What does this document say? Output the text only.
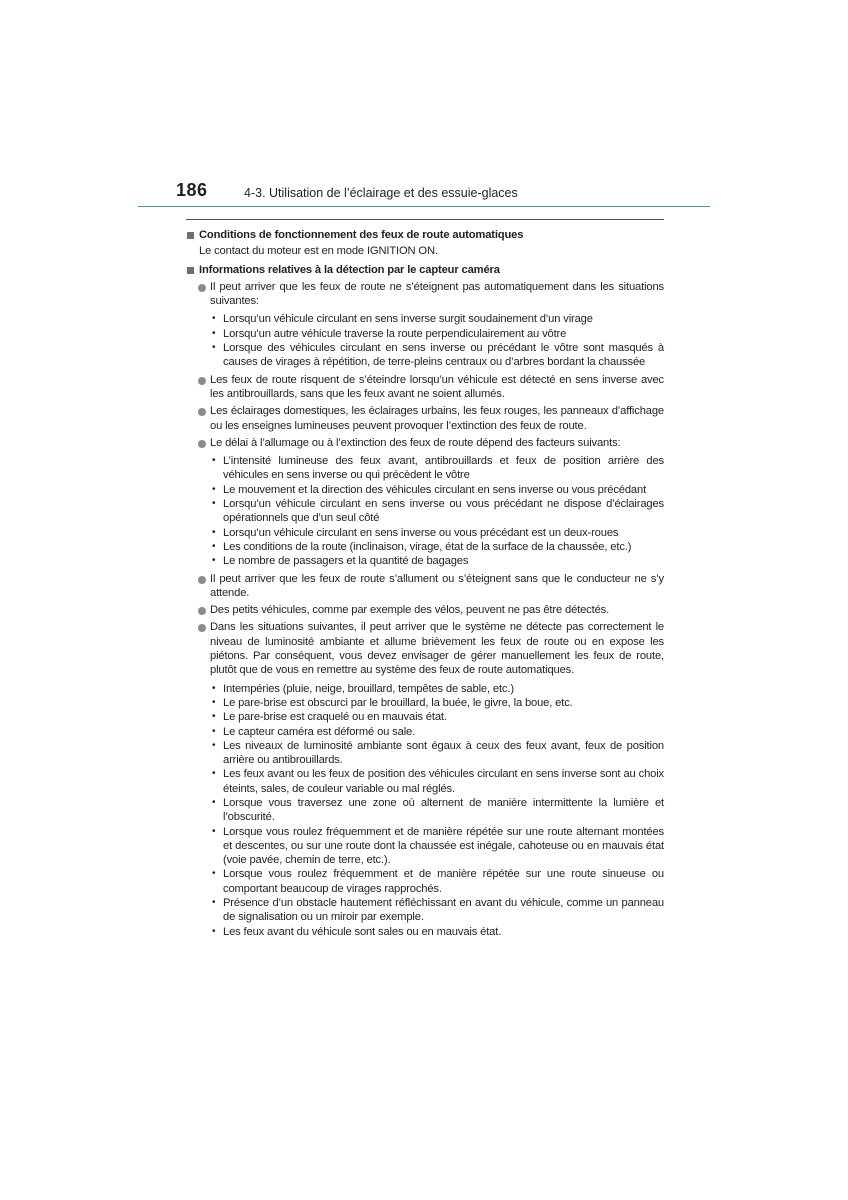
186	4-3. Utilisation de l’éclairage et des essuie-glaces
Conditions de fonctionnement des feux de route automatiques
Le contact du moteur est en mode IGNITION ON.
Informations relatives à la détection par le capteur caméra
Il peut arriver que les feux de route ne s’éteignent pas automatiquement dans les situations suivantes:
• Lorsqu’un véhicule circulant en sens inverse surgit soudainement d’un virage
• Lorsqu’un autre véhicule traverse la route perpendiculairement au vôtre
• Lorsque des véhicules circulant en sens inverse ou précédant le vôtre sont masqués à causes de virages à répétition, de terre-pleins centraux ou d’arbres bordant la chaussée
Les feux de route risquent de s’éteindre lorsqu’un véhicule est détecté en sens inverse avec les antibrouillards, sans que les feux avant ne soient allumés.
Les éclairages domestiques, les éclairages urbains, les feux rouges, les panneaux d’affichage ou les enseignes lumineuses peuvent provoquer l’extinction des feux de route.
Le délai à l’allumage ou à l’extinction des feux de route dépend des facteurs suivants:
• L’intensité lumineuse des feux avant, antibrouillards et feux de position arrière des véhicules en sens inverse ou qui précèdent le vôtre
• Le mouvement et la direction des véhicules circulant en sens inverse ou vous précédant
• Lorsqu’un véhicule circulant en sens inverse ou vous précédant ne dispose d’éclairages opérationnels que d’un seul côté
• Lorsqu’un véhicule circulant en sens inverse ou vous précédant est un deux-roues
• Les conditions de la route (inclinaison, virage, état de la surface de la chaussée, etc.)
• Le nombre de passagers et la quantité de bagages
Il peut arriver que les feux de route s’allument ou s’éteignent sans que le conducteur ne s’y attende.
Des petits véhicules, comme par exemple des vélos, peuvent ne pas être détectés.
Dans les situations suivantes, il peut arriver que le système ne détecte pas correctement le niveau de luminosité ambiante et allume brièvement les feux de route ou en expose les piétons. Par conséquent, vous devez envisager de gérer manuellement les feux de route, plutôt que de vous en remettre au système des feux de route automatiques.
• Intempéries (pluie, neige, brouillard, tempêtes de sable, etc.)
• Le pare-brise est obscurci par le brouillard, la buée, le givre, la boue, etc.
• Le pare-brise est craquelé ou en mauvais état.
• Le capteur caméra est déformé ou sale.
• Les niveaux de luminosité ambiante sont égaux à ceux des feux avant, feux de position arrière ou antibrouillards.
• Les feux avant ou les feux de position des véhicules circulant en sens inverse sont au choix éteints, sales, de couleur variable ou mal réglés.
• Lorsque vous traversez une zone où alternent de manière intermittente la lumière et l’obscurité.
• Lorsque vous roulez fréquemment et de manière répétée sur une route alternant montées et descentes, ou sur une route dont la chaussée est inégale, cahoteuse ou en mauvais état (voie pavée, chemin de terre, etc.).
• Lorsque vous roulez fréquemment et de manière répétée sur une route sinueuse ou comportant beaucoup de virages rapprochés.
• Présence d’un obstacle hautement réfléchissant en avant du véhicule, comme un panneau de signalisation ou un miroir par exemple.
• Les feux avant du véhicule sont sales ou en mauvais état.
